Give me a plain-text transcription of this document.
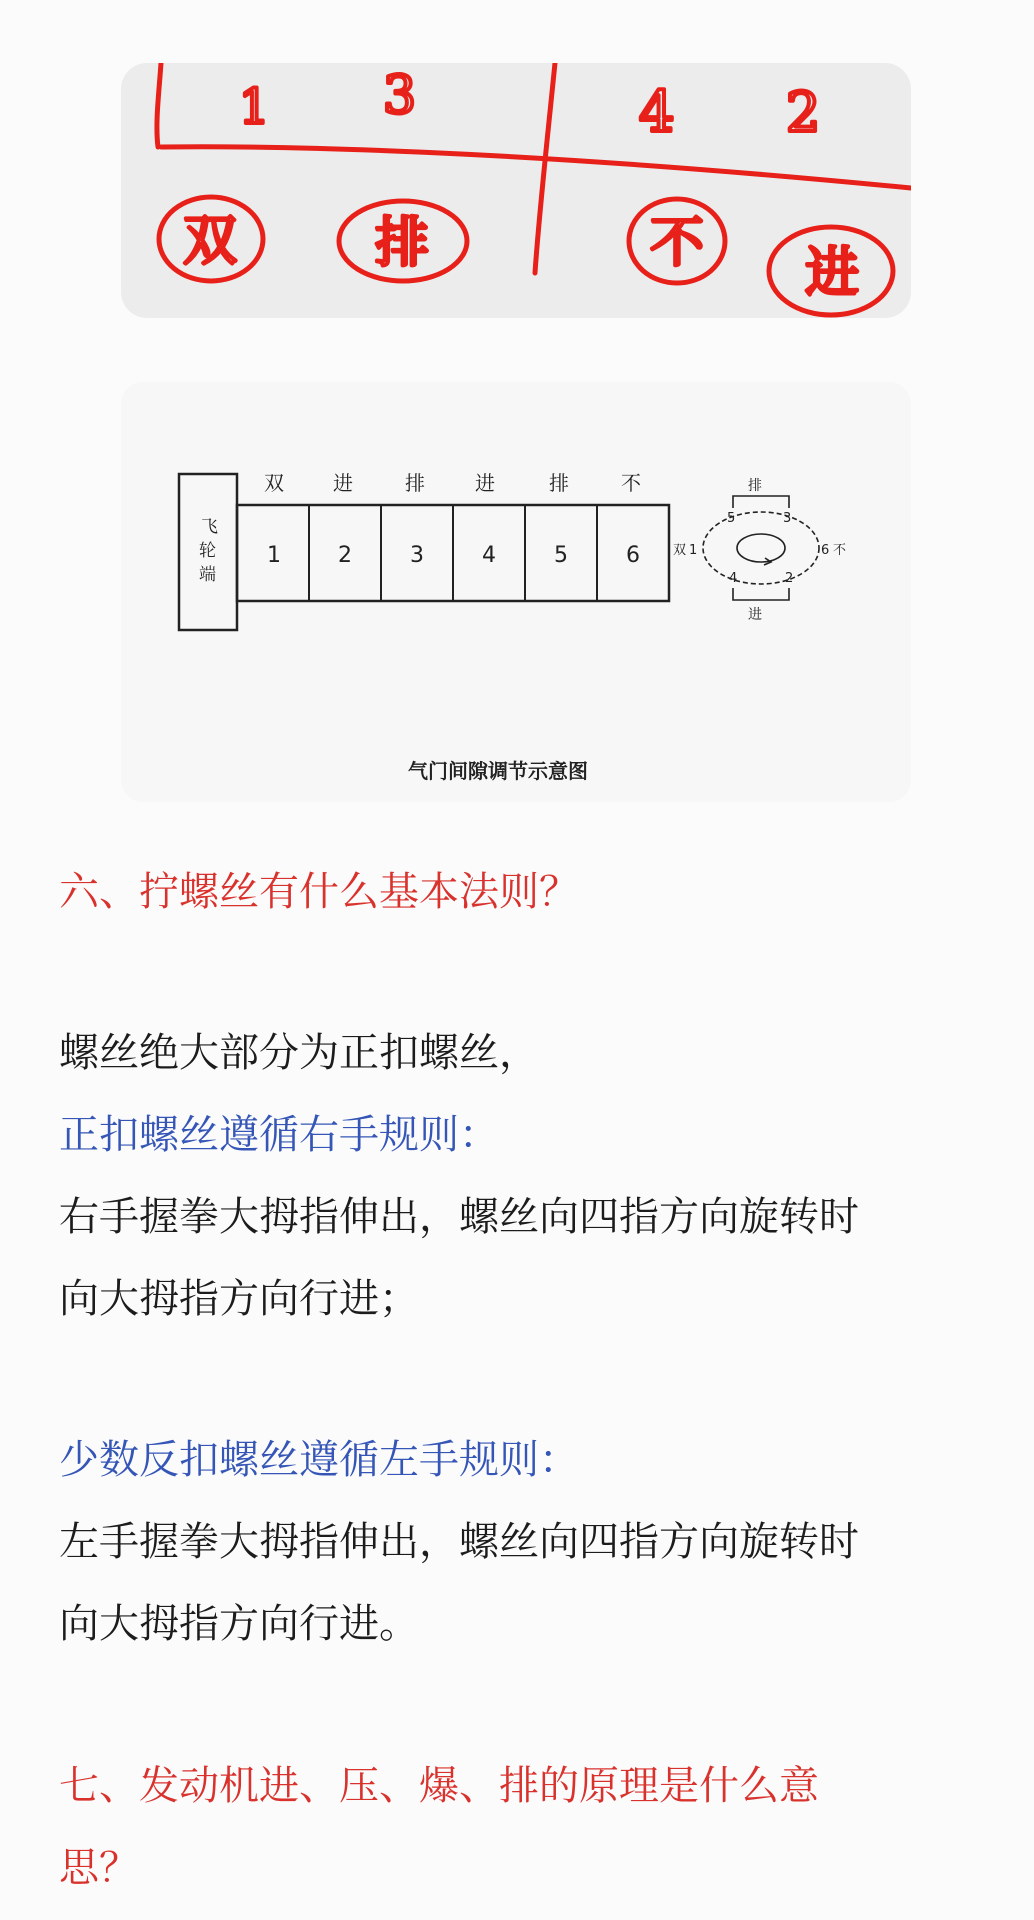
1 3	4 2
双	排	不 进
飞
轮
端
双 进	排	进	排	不
1	2	3	4	5	6
排
进
双 1
5	3
6 不
4	2
气门间隙调节示意图

六、拧螺丝有什么基本法则？

螺丝绝大部分为正扣螺丝，

正扣螺丝遵循右手规则：

右手握拳大拇指伸出，螺丝向四指方向旋转时

向大拇指方向行进；

少数反扣螺丝遵循左手规则：

左手握拳大拇指伸出，螺丝向四指方向旋转时

向大拇指方向行进。

七、发动机进、压、爆、排的原理是什么意

思？
